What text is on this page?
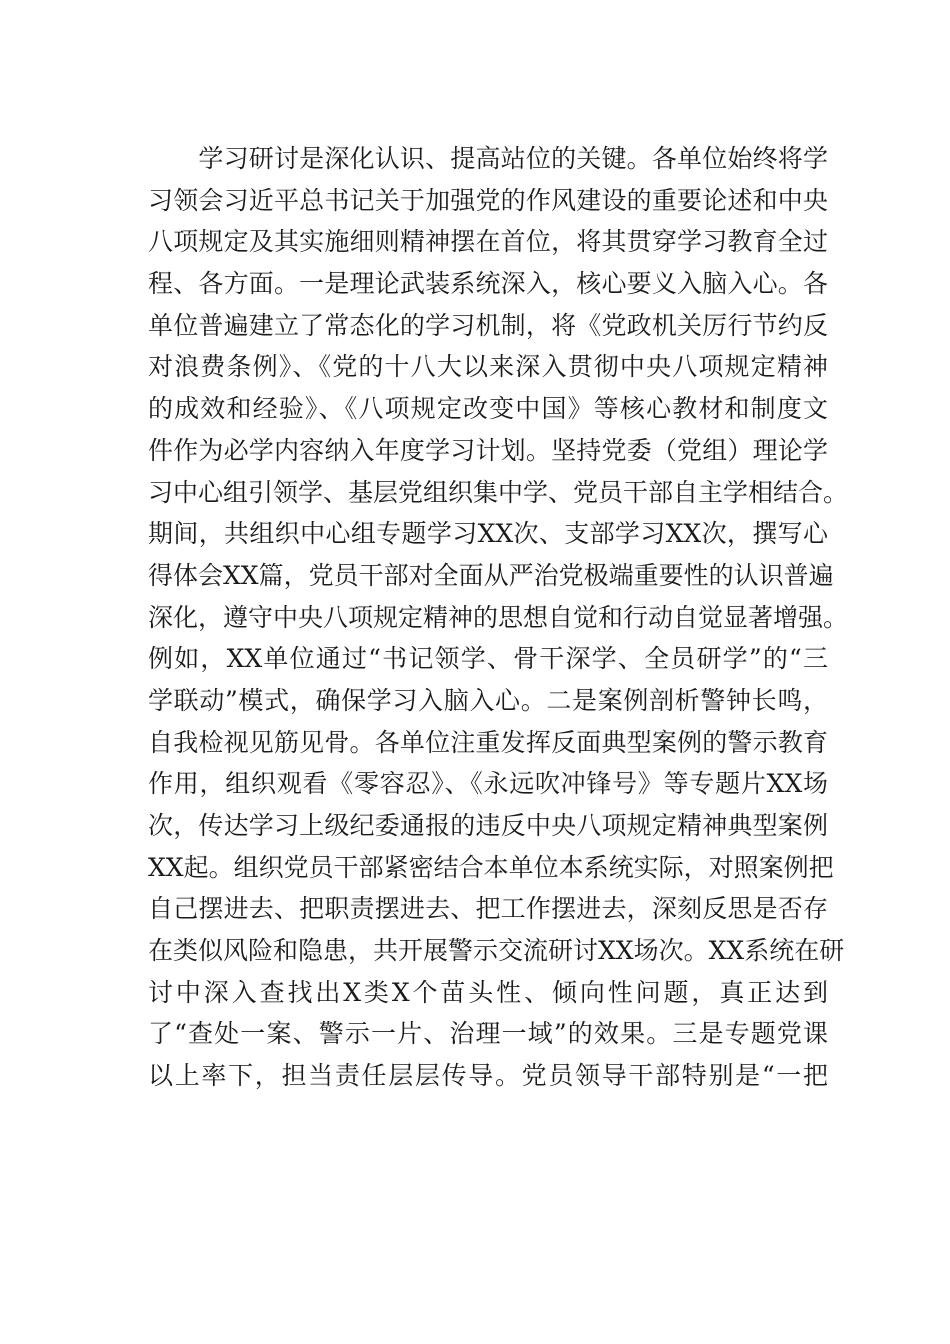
　　学习研讨是深化认识、提高站位的关键。各单位始终将学
习领会习近平总书记关于加强党的作风建设的重要论述和中央
八项规定及其实施细则精神摆在首位，将其贯穿学习教育全过
程、各方面。一是理论武装系统深入，核心要义入脑入心。各
单位普遍建立了常态化的学习机制，将《党政机关厉行节约反
对浪费条例》、《党的十八大以来深入贯彻中央八项规定精神
的成效和经验》、《八项规定改变中国》等核心教材和制度文
件作为必学内容纳入年度学习计划。坚持党委（党组）理论学
习中心组引领学、基层党组织集中学、党员干部自主学相结合。
期间，共组织中心组专题学习XX次、支部学习XX次，撰写心
得体会XX篇，党员干部对全面从严治党极端重要性的认识普遍
深化，遵守中央八项规定精神的思想自觉和行动自觉显著增强。
例如，XX单位通过“书记领学、骨干深学、全员研学”的“三
学联动”模式，确保学习入脑入心。二是案例剖析警钟长鸣，
自我检视见筋见骨。各单位注重发挥反面典型案例的警示教育
作用，组织观看《零容忍》、《永远吹冲锋号》等专题片XX场
次，传达学习上级纪委通报的违反中央八项规定精神典型案例
XX起。组织党员干部紧密结合本单位本系统实际，对照案例把
自己摆进去、把职责摆进去、把工作摆进去，深刻反思是否存
在类似风险和隐患，共开展警示交流研讨XX场次。XX系统在研
讨中深入查找出X类X个苗头性、倾向性问题，真正达到
了“查处一案、警示一片、治理一域”的效果。三是专题党课
以上率下，担当责任层层传导。党员领导干部特别是“一把
